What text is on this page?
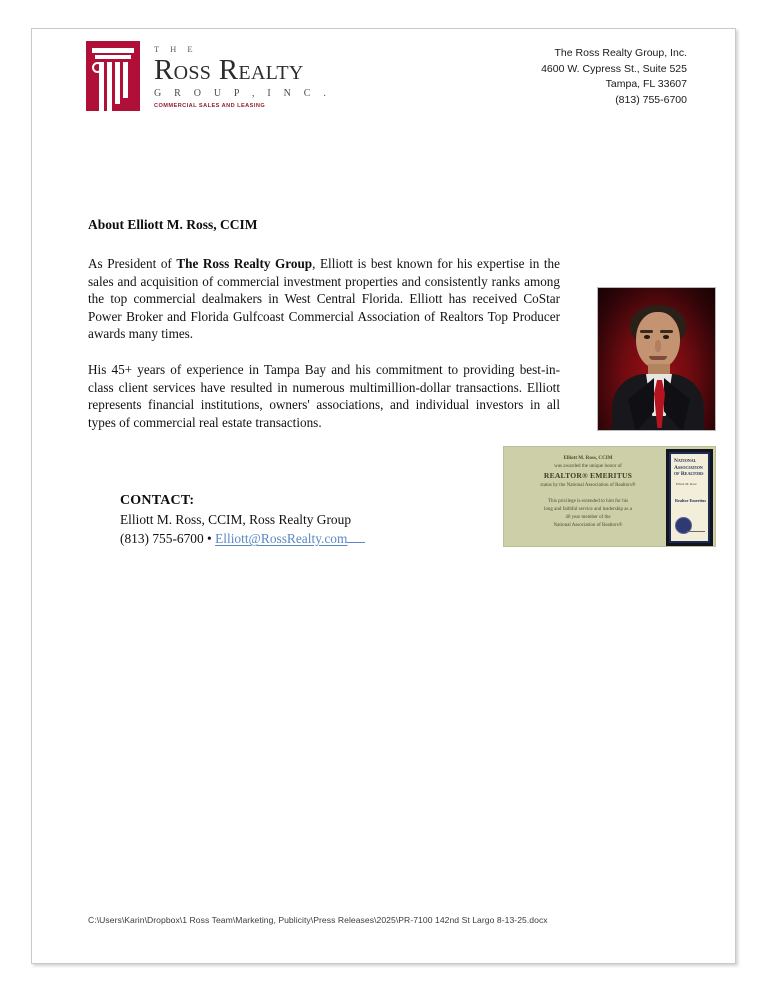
T H E
Ross Realty
G R O U P , I N C .
COMMERCIAL SALES AND LEASING
The Ross Realty Group, Inc.
4600 W. Cypress St., Suite 525
Tampa, FL 33607
(813) 755-6700
About Elliott M. Ross, CCIM

As President of The Ross Realty Group, Elliott is best known for his expertise in the sales and acquisition of commercial investment properties and consistently ranks among the top commercial dealmakers in West Central Florida. Elliott has received CoStar Power Broker and Florida Gulfcoast Commercial Association of Realtors Top Producer awards many times.

His 45+ years of experience in Tampa Bay and his commitment to providing best-in-class client services have resulted in numerous multimillion-dollar transactions. Elliott represents financial institutions, owners' associations, and individual investors in all types of commercial real estate transactions.

Elliott M. Ross, CCIM
was awarded the unique honor of
REALTOR® EMERITUS
status by the National Association of Realtors®
This privilege is extended to him for his
long and faithful service and leadership as a
40 year member of the
National Association of Realtors®
National Association of Realtors
Elliott M. Ross
Realtor Emeritus
CONTACT:
Elliott M. Ross, CCIM, Ross Realty Group
(813) 755-6700 • Elliott@RossRealty.com
C:\Users\Karin\Dropbox\1 Ross Team\Marketing, Publicity\Press Releases\2025\PR-7100 142nd St Largo 8-13-25.docx
